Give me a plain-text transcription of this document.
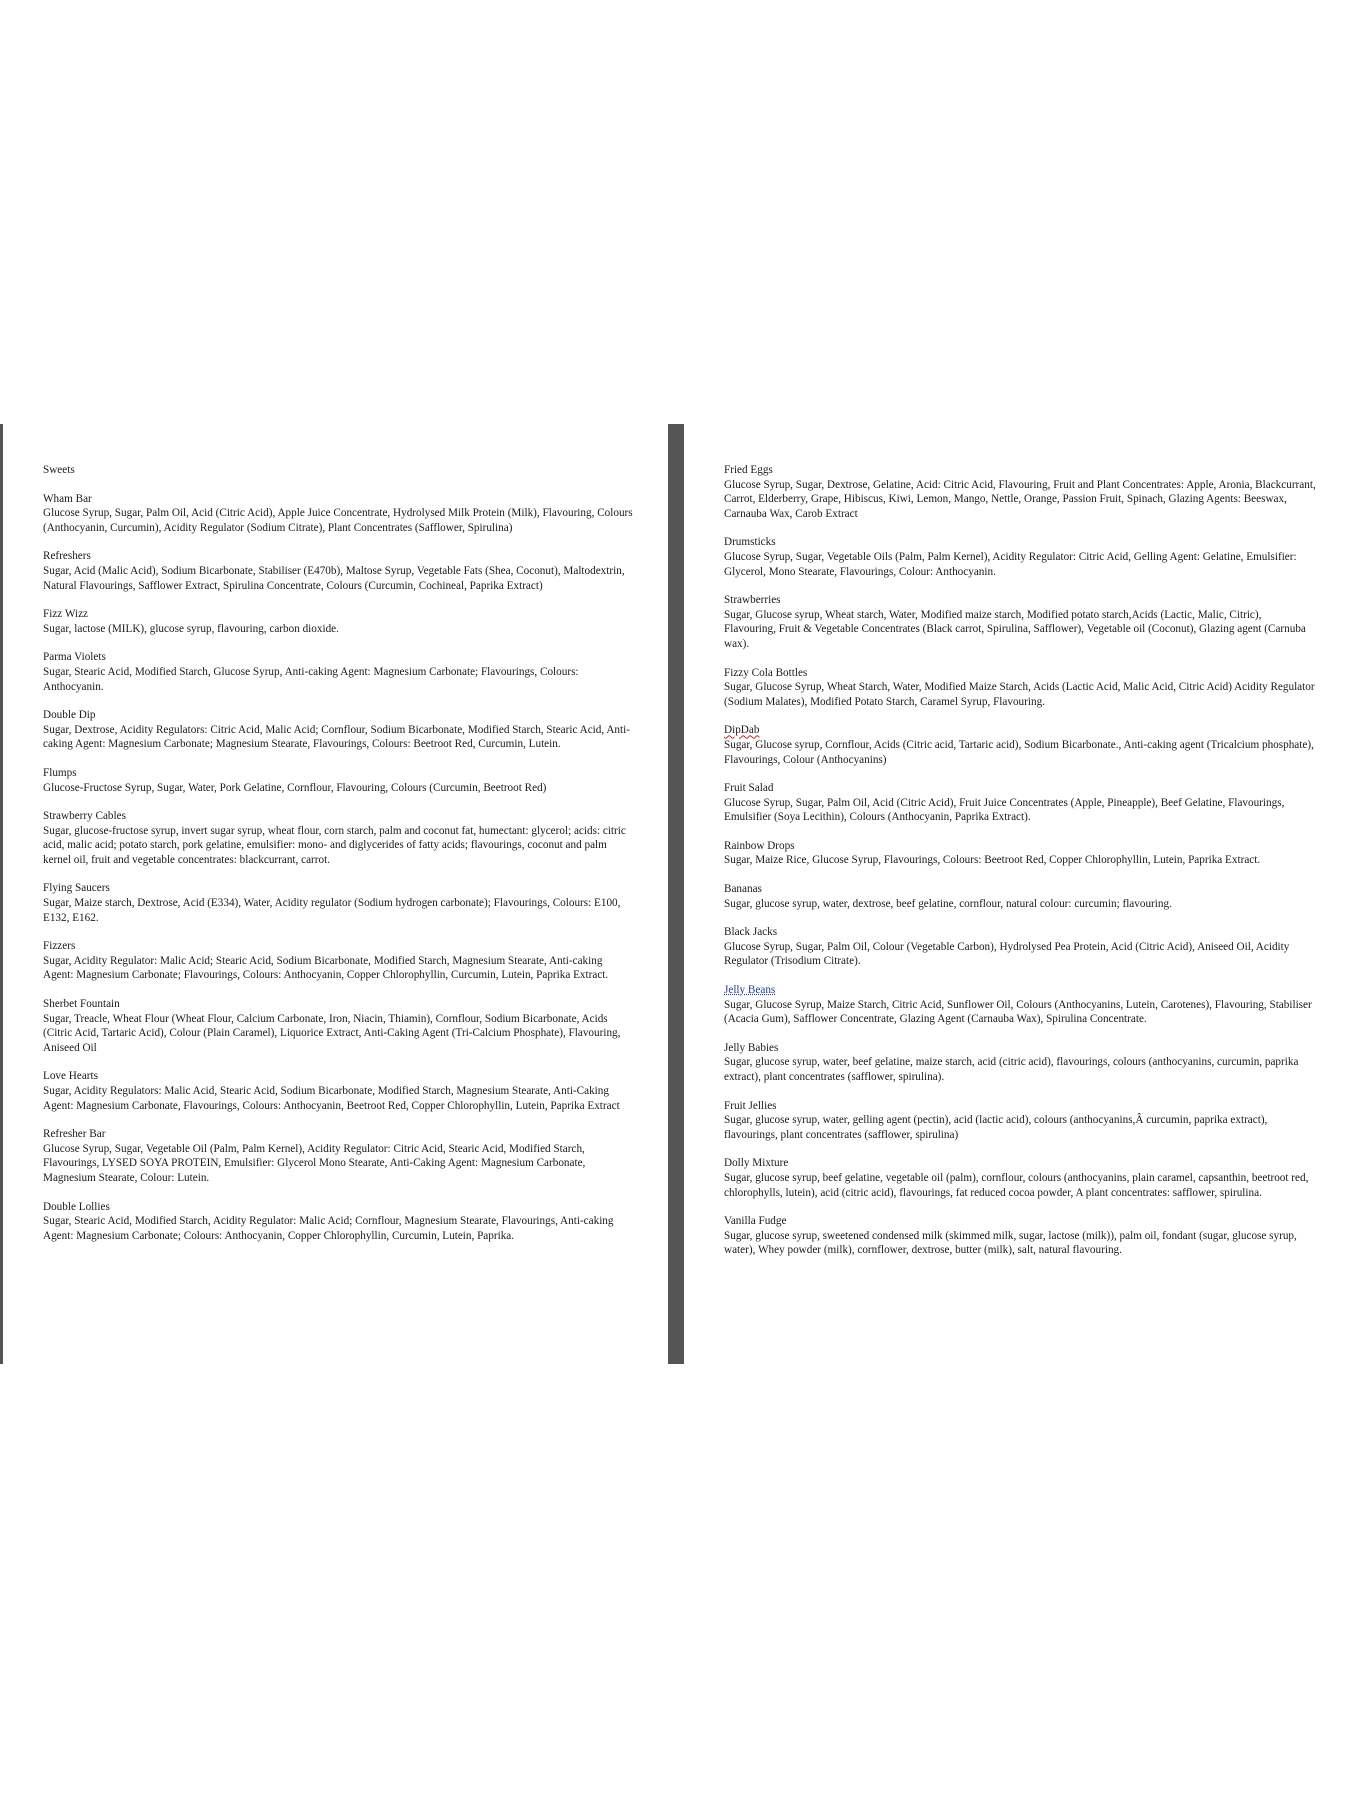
Sweets
Wham Bar
Glucose Syrup, Sugar, Palm Oil, Acid (Citric Acid), Apple Juice Concentrate, Hydrolysed Milk Protein (Milk), Flavouring, Colours (Anthocyanin, Curcumin), Acidity Regulator (Sodium Citrate), Plant Concentrates (Safflower, Spirulina)
Refreshers
Sugar, Acid (Malic Acid), Sodium Bicarbonate, Stabiliser (E470b), Maltose Syrup, Vegetable Fats (Shea, Coconut), Maltodextrin, Natural Flavourings, Safflower Extract, Spirulina Concentrate, Colours (Curcumin, Cochineal, Paprika Extract)
Fizz Wizz
Sugar, lactose (MILK), glucose syrup, flavouring, carbon dioxide.
Parma Violets
Sugar, Stearic Acid, Modified Starch, Glucose Syrup, Anti-caking Agent: Magnesium Carbonate; Flavourings, Colours: Anthocyanin.
Double Dip
Sugar, Dextrose, Acidity Regulators: Citric Acid, Malic Acid; Cornflour, Sodium Bicarbonate, Modified Starch, Stearic Acid, Anti-caking Agent: Magnesium Carbonate; Magnesium Stearate, Flavourings, Colours: Beetroot Red, Curcumin, Lutein.
Flumps
Glucose-Fructose Syrup, Sugar, Water, Pork Gelatine, Cornflour, Flavouring, Colours (Curcumin, Beetroot Red)
Strawberry Cables
Sugar, glucose-fructose syrup, invert sugar syrup, wheat flour, corn starch, palm and coconut fat, humectant: glycerol; acids: citric acid, malic acid; potato starch, pork gelatine, emulsifier: mono- and diglycerides of fatty acids; flavourings, coconut and palm kernel oil, fruit and vegetable concentrates: blackcurrant, carrot.
Flying Saucers
Sugar, Maize starch, Dextrose, Acid (E334), Water, Acidity regulator (Sodium hydrogen carbonate); Flavourings, Colours: E100, E132, E162.
Fizzers
Sugar, Acidity Regulator: Malic Acid; Stearic Acid, Sodium Bicarbonate, Modified Starch, Magnesium Stearate, Anti-caking Agent: Magnesium Carbonate; Flavourings, Colours: Anthocyanin, Copper Chlorophyllin, Curcumin, Lutein, Paprika Extract.
Sherbet Fountain
Sugar, Treacle, Wheat Flour (Wheat Flour, Calcium Carbonate, Iron, Niacin, Thiamin), Cornflour, Sodium Bicarbonate, Acids (Citric Acid, Tartaric Acid), Colour (Plain Caramel), Liquorice Extract, Anti-Caking Agent (Tri-Calcium Phosphate), Flavouring, Aniseed Oil
Love Hearts
Sugar, Acidity Regulators: Malic Acid, Stearic Acid, Sodium Bicarbonate, Modified Starch, Magnesium Stearate, Anti-Caking Agent: Magnesium Carbonate, Flavourings, Colours: Anthocyanin, Beetroot Red, Copper Chlorophyllin, Lutein, Paprika Extract
Refresher Bar
Glucose Syrup, Sugar, Vegetable Oil (Palm, Palm Kernel), Acidity Regulator: Citric Acid, Stearic Acid, Modified Starch, Flavourings, LYSED SOYA PROTEIN, Emulsifier: Glycerol Mono Stearate, Anti-Caking Agent: Magnesium Carbonate, Magnesium Stearate, Colour: Lutein.
Double Lollies
Sugar, Stearic Acid, Modified Starch, Acidity Regulator: Malic Acid; Cornflour, Magnesium Stearate, Flavourings, Anti-caking Agent: Magnesium Carbonate; Colours: Anthocyanin, Copper Chlorophyllin, Curcumin, Lutein, Paprika.
Fried Eggs
Glucose Syrup, Sugar, Dextrose, Gelatine, Acid: Citric Acid, Flavouring, Fruit and Plant Concentrates: Apple, Aronia, Blackcurrant, Carrot, Elderberry, Grape, Hibiscus, Kiwi, Lemon, Mango, Nettle, Orange, Passion Fruit, Spinach, Glazing Agents: Beeswax, Carnauba Wax, Carob Extract
Drumsticks
Glucose Syrup, Sugar, Vegetable Oils (Palm, Palm Kernel), Acidity Regulator: Citric Acid, Gelling Agent: Gelatine, Emulsifier: Glycerol, Mono Stearate, Flavourings, Colour: Anthocyanin.
Strawberries
Sugar, Glucose syrup, Wheat starch, Water, Modified maize starch, Modified potato starch,Acids (Lactic, Malic, Citric), Flavouring, Fruit & Vegetable Concentrates (Black carrot, Spirulina, Safflower), Vegetable oil (Coconut), Glazing agent (Carnuba wax).
Fizzy Cola Bottles
Sugar, Glucose Syrup, Wheat Starch, Water, Modified Maize Starch, Acids (Lactic Acid, Malic Acid, Citric Acid) Acidity Regulator (Sodium Malates), Modified Potato Starch, Caramel Syrup, Flavouring.
DipDab
Sugar, Glucose syrup, Cornflour, Acids (Citric acid, Tartaric acid), Sodium Bicarbonate., Anti-caking agent (Tricalcium phosphate), Flavourings, Colour (Anthocyanins)
Fruit Salad
Glucose Syrup, Sugar, Palm Oil, Acid (Citric Acid), Fruit Juice Concentrates (Apple, Pineapple), Beef Gelatine, Flavourings, Emulsifier (Soya Lecithin), Colours (Anthocyanin, Paprika Extract).
Rainbow Drops
Sugar, Maize Rice, Glucose Syrup, Flavourings, Colours: Beetroot Red, Copper Chlorophyllin, Lutein, Paprika Extract.
Bananas
Sugar, glucose syrup, water, dextrose, beef gelatine, cornflour, natural colour: curcumin; flavouring.
Black Jacks
Glucose Syrup, Sugar, Palm Oil, Colour (Vegetable Carbon), Hydrolysed Pea Protein, Acid (Citric Acid), Aniseed Oil, Acidity Regulator (Trisodium Citrate).
Jelly Beans
Sugar, Glucose Syrup, Maize Starch, Citric Acid, Sunflower Oil, Colours (Anthocyanins, Lutein, Carotenes), Flavouring, Stabiliser (Acacia Gum), Safflower Concentrate, Glazing Agent (Carnauba Wax), Spirulina Concentrate.
Jelly Babies
Sugar, glucose syrup, water, beef gelatine, maize starch, acid (citric acid), flavourings, colours (anthocyanins, curcumin, paprika extract), plant concentrates (safflower, spirulina).
Fruit Jellies
Sugar, glucose syrup, water, gelling agent (pectin), acid (lactic acid), colours (anthocyanins,Â curcumin, paprika extract), flavourings, plant concentrates (safflower, spirulina)
Dolly Mixture
Sugar, glucose syrup, beef gelatine, vegetable oil (palm), cornflour, colours (anthocyanins, plain caramel, capsanthin, beetroot red, chlorophylls, lutein), acid (citric acid), flavourings, fat reduced cocoa powder, A plant concentrates: safflower, spirulina.
Vanilla Fudge
Sugar, glucose syrup, sweetened condensed milk (skimmed milk, sugar, lactose (milk)), palm oil, fondant (sugar, glucose syrup, water), Whey powder (milk), cornflower, dextrose, butter (milk), salt, natural flavouring.
